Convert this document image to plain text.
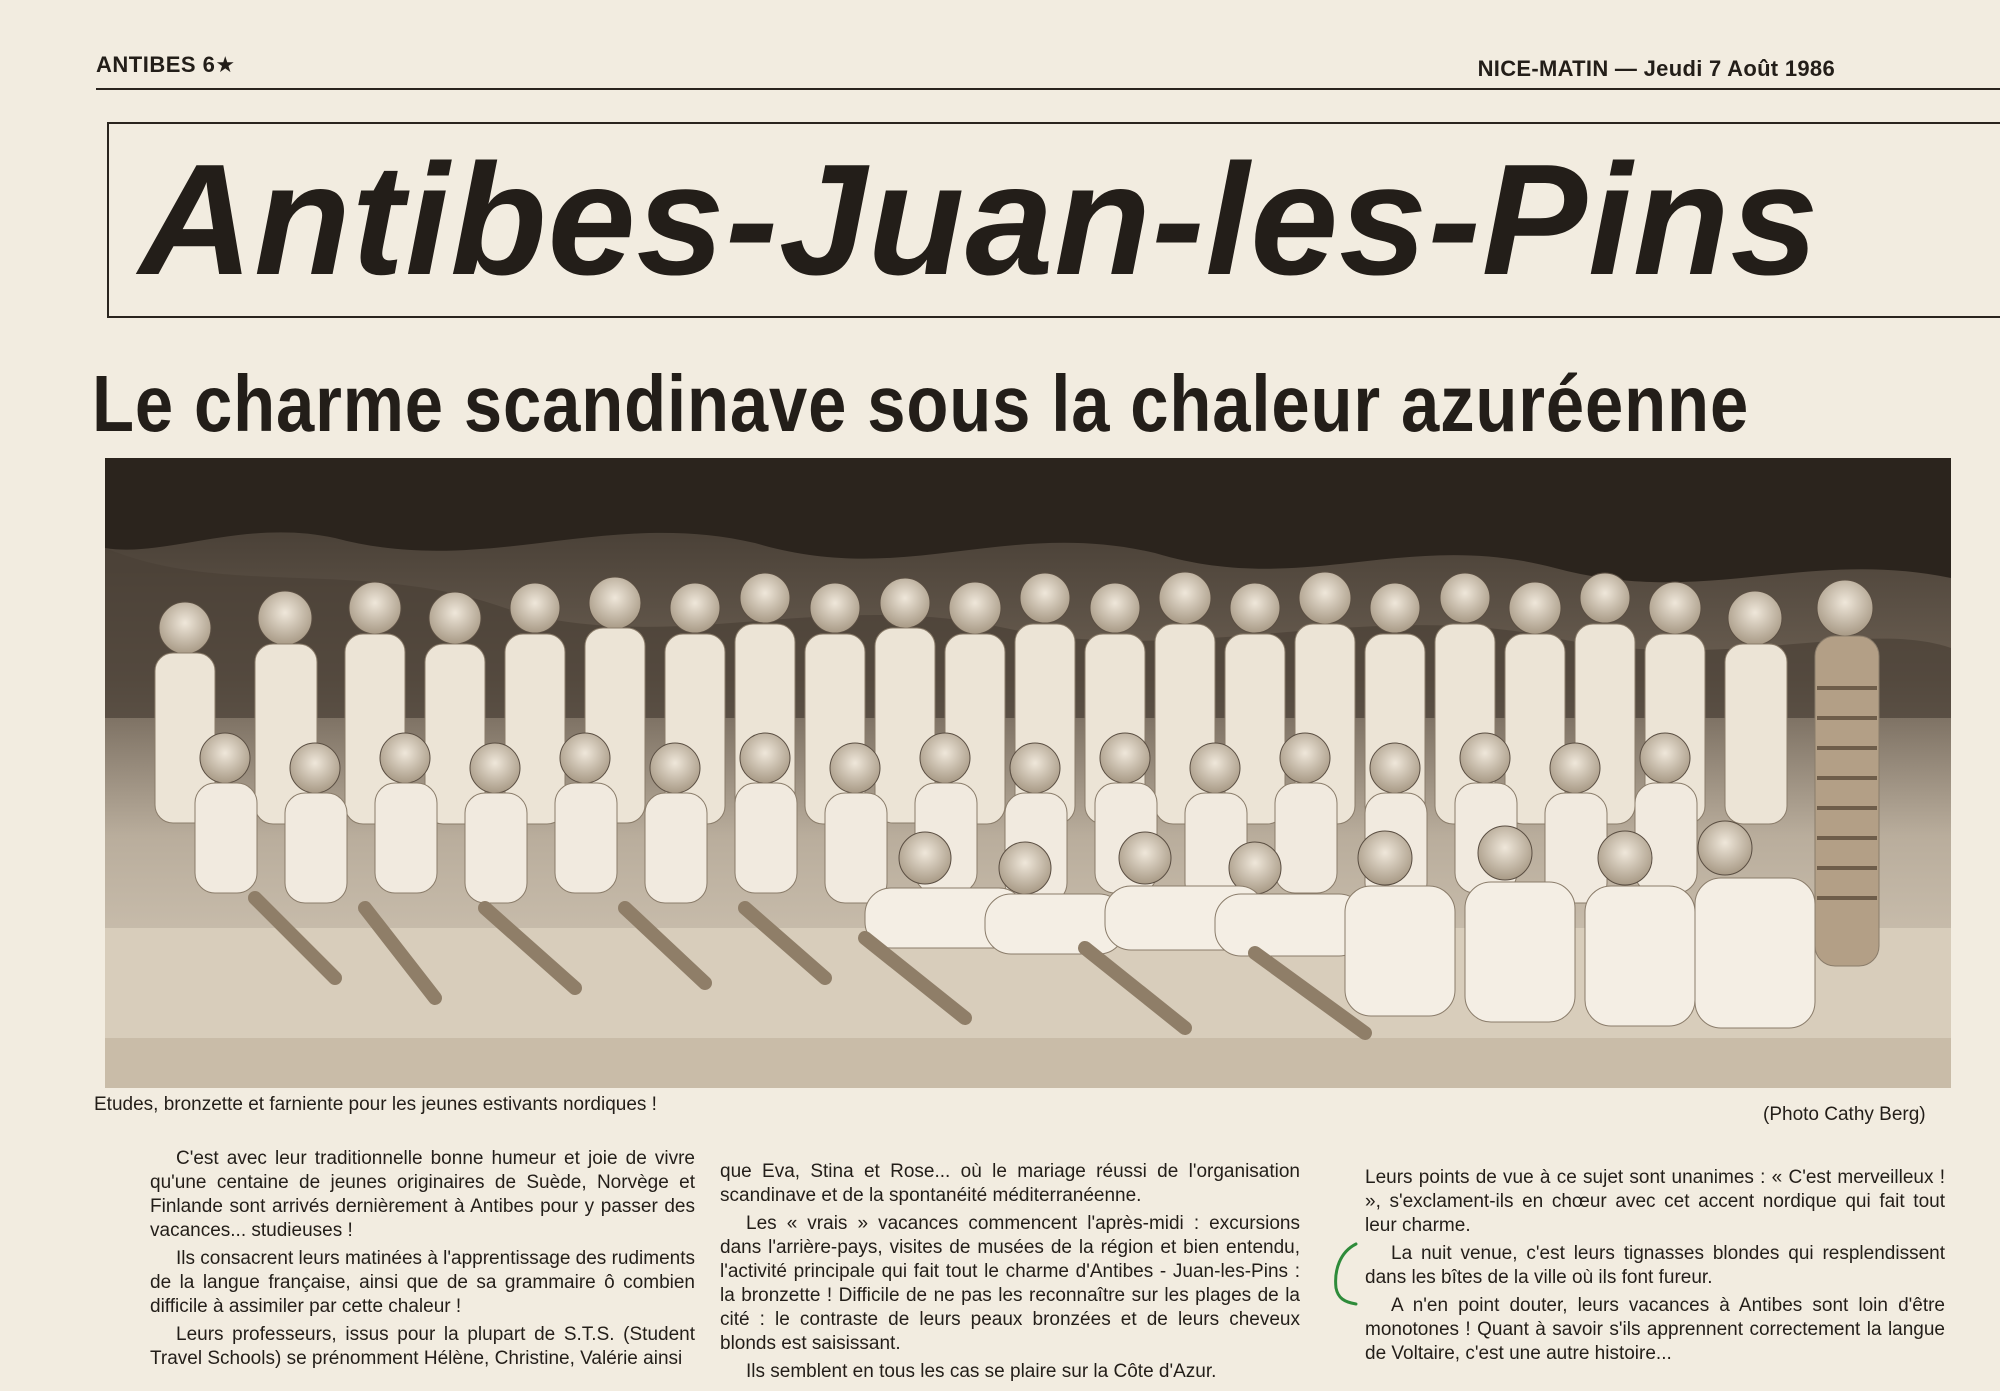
ANTIBES 6★	NICE-MATIN — Jeudi 7 Août 1986
Antibes-Juan-les-Pins
Le charme scandinave sous la chaleur azuréenne
Etudes, bronzette et farniente pour les jeunes estivants nordiques !	(Photo Cathy Berg)

C'est avec leur traditionnelle bonne humeur et joie de vivre qu'une centaine de jeunes originaires de Suède, Norvège et Finlande sont arrivés dernièrement à Antibes pour y passer des vacances... studieuses !

Ils consacrent leurs matinées à l'apprentissage des rudiments de la langue française, ainsi que de sa grammaire ô combien difficile à assimiler par cette chaleur !

Leurs professeurs, issus pour la plupart de S.T.S. (Student Travel Schools) se prénomment Hélène, Christine, Valérie ainsi

que Eva, Stina et Rose... où le mariage réussi de l'organisation scandinave et de la spontanéité méditerranéenne.

Les « vrais » vacances commencent l'après-midi : excursions dans l'arrière-pays, visites de musées de la région et bien entendu, l'activité principale qui fait tout le charme d'Antibes - Juan-les-Pins : la bronzette ! Difficile de ne pas les reconnaître sur les plages de la cité : le contraste de leurs peaux bronzées et de leurs cheveux blonds est saisissant.

Ils semblent en tous les cas se plaire sur la Côte d'Azur.

Leurs points de vue à ce sujet sont unanimes : « C'est merveilleux ! », s'exclament-ils en chœur avec cet accent nordique qui fait tout leur charme.

La nuit venue, c'est leurs tignasses blondes qui resplendissent dans les bîtes de la ville où ils font fureur.

A n'en point douter, leurs vacances à Antibes sont loin d'être monotones ! Quant à savoir s'ils apprennent correctement la langue de Voltaire, c'est une autre histoire...
